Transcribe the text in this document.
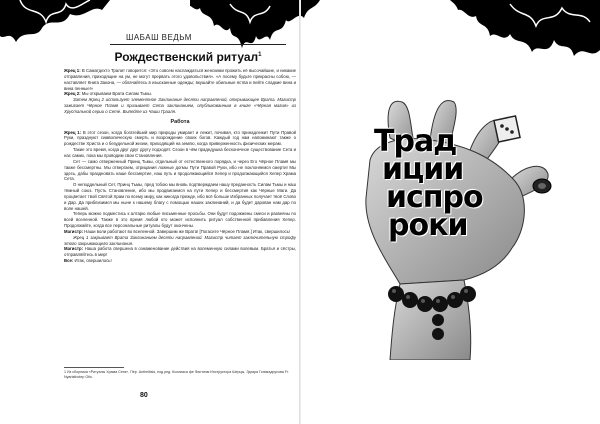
ШАБАШ ВЕДЬМ
Рождественский ритуал$^1$

Жрец 1: В Саматдехтэ Тралит говорится: «Это совсем наслаждаться женскими прожить её высочайшие, и никакие отправления, приходящие на ум, не могут прервать этого удовольствия». «А посему будьте прекрасны собою, — наставляет Книга Закона, — облачайтесь в изысканные одежды; вкушайте обильные яства и пейте сладкие вина и вина пенные!»

Жрец 2: Мы открываем Врата Силам Тьмы.

Затем Жрец 2 использует элементное Заклинание десяти направлений, открывающее Врата. Магистр зажигает Чёрное Пламя и призывает Сета заклинанием, опубликованным в книге «Чёрная магия» из Хрустальной серии о Сете. Выпейте из Чаши Грааля.

Работа

Жрец 1: В этот сезон, когда богатейший мир природы умирает и лежит, почивая, кто принадлежит Пути Правой Руки, празднуют символическую смерть и возрождение своих богов. Каждый год нам напоминают также о рождестве Христа и о безудельной жизни, приходящий на землю, когда приверженность физических мерам.

Такие это время, когда друг друг другу подходят. Сезон в чём прадедушка бесконечное существование Сета и нас самих, пока мы проводим свои Становления.

Сет — само отверженный Принц Тьмы, отдельный от естественного порядка, и через Его Чёрное Пламя мы также бессмертны. Мы отвергаем, отрицания ложные догмы Пути Правой Руки, ибо не поклоняемся смерти! Мы здесь, дабы праздновать наше бессмертие, наш путь и продолжающийся Хепер и продолжающийся Хепер Храма Сета.

О неподдельный Сет, Принц Тьмы, пред тобою мы вновь подтверждаем нашу преданность Силам Тьмы и наш тёмный союз. Пусть Становление, ибо мы продвигаемся на пути Хепер и бессмертия как Чёрные Маги. Да процветает твой Святой Храм по всему миру, как никогда прежде, ибо всё больше Избранных получает твоё Слово и Дар. Да приблизимся мы ныне к нашему благу с помощью наших заклинаний, и да будет дарован нам дар по воле нашей.

Теперь можно подместись к алтарю любые письменные просьбы. Они будут подожжены смеси и развеяны по всей вселенной. Также в это время любой кто может исполнить ритуал собственной прибавления Хепер. Продолжайте, когда все персональные ритуалы будут окончены.

Магистр: Наши воли работают во вселенной. Завершим же Врата! [Погасите Чёрное Пламя.] Итак, свершилось!

Жрец 1 закрывает Врата Заклинанием десяти направлений. Магистр читает заключительную строфу этого закрывающего заклинания.

Магистр: Наша работа свершена в ознаменование действия на волеменную силами волевым. Братья и сёстры, отправляйтесь в мир!

Все: Итак, свершилось!

1 Из сборника «Ритуалы Храма Сета». Пер. Antheitisis, под ред. Ксолиаса фе Фастиэм Инструктора Шерцы, Эдгара Гоникадоусова Fr. Nyarlathotep Otis.
80
Трад
иции
испро
роки
